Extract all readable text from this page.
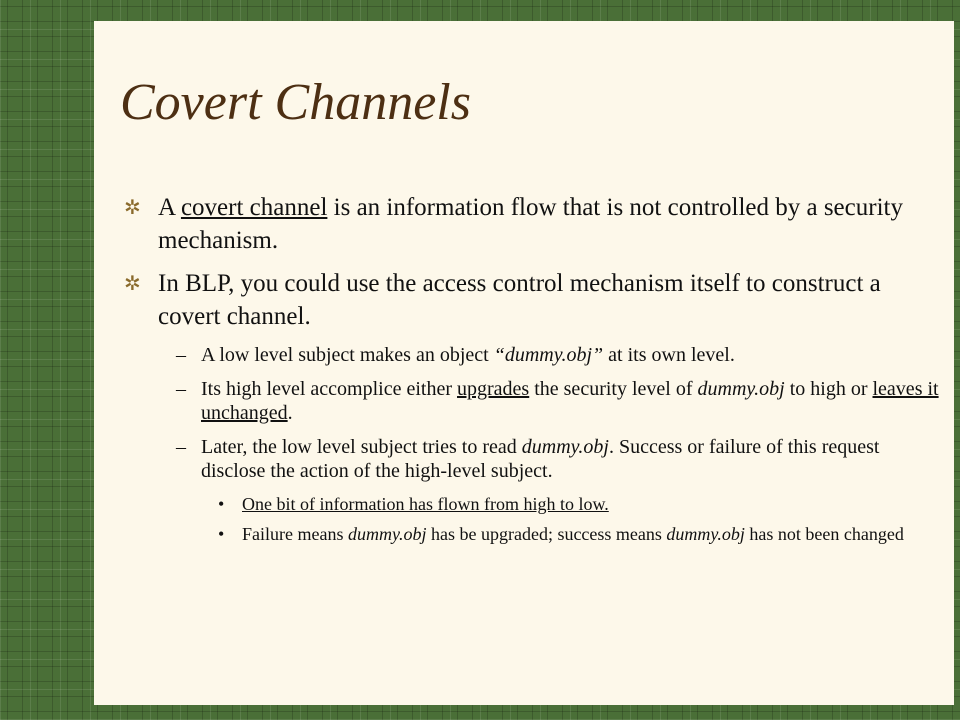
Covert Channels
✲ A covert channel is an information flow that is not controlled by a security mechanism.
✲ In BLP, you could use the access control mechanism itself to construct a covert channel.
– A low level subject makes an object “dummy.obj” at its own level.
– Its high level accomplice either upgrades the security level of dummy.obj to high or leaves it unchanged.
– Later, the low level subject tries to read dummy.obj. Success or failure of this request disclose the action of the high-level subject.
• One bit of information has flown from high to low.
• Failure means dummy.obj has be upgraded; success means dummy.obj has not been changed
